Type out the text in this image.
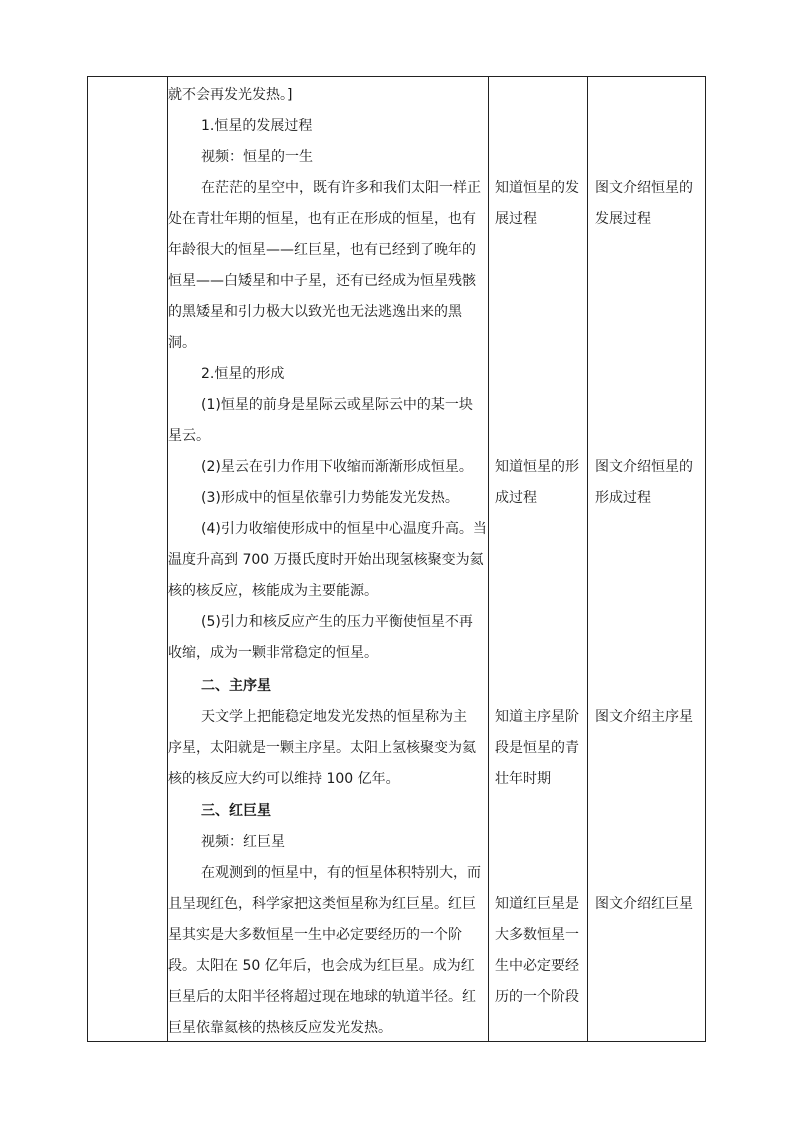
就不会再发光发热。]
1.恒星的发展过程
视频：恒星的一生
在茫茫的星空中，既有许多和我们太阳一样正
处在青壮年期的恒星，也有正在形成的恒星，也有
年龄很大的恒星——红巨星，也有已经到了晚年的
恒星——白矮星和中子星，还有已经成为恒星残骸
的黑矮星和引力极大以致光也无法逃逸出来的黑
洞。
2.恒星的形成
(1)恒星的前身是星际云或星际云中的某一块
星云。
(2)星云在引力作用下收缩而渐渐形成恒星。
(3)形成中的恒星依靠引力势能发光发热。
(4)引力收缩使形成中的恒星中心温度升高。当
温度升高到 700 万摄氏度时开始出现氢核聚变为氦
核的核反应，核能成为主要能源。
(5)引力和核反应产生的压力平衡使恒星不再
收缩，成为一颗非常稳定的恒星。
二、主序星
天文学上把能稳定地发光发热的恒星称为主
序星，太阳就是一颗主序星。太阳上氢核聚变为氦
核的核反应大约可以维持 100 亿年。
三、红巨星
视频：红巨星
在观测到的恒星中，有的恒星体积特别大，而
且呈现红色，科学家把这类恒星称为红巨星。红巨
星其实是大多数恒星一生中必定要经历的一个阶
段。太阳在 50 亿年后，也会成为红巨星。成为红
巨星后的太阳半径将超过现在地球的轨道半径。红
巨星依靠氦核的热核反应发光发热。
知道恒星的发
展过程
知道恒星的形
成过程
知道主序星阶
段是恒星的青
壮年时期
知道红巨星是
大多数恒星一
生中必定要经
历的一个阶段
图文介绍恒星的
发展过程
图文介绍恒星的
形成过程
图文介绍主序星
图文介绍红巨星
